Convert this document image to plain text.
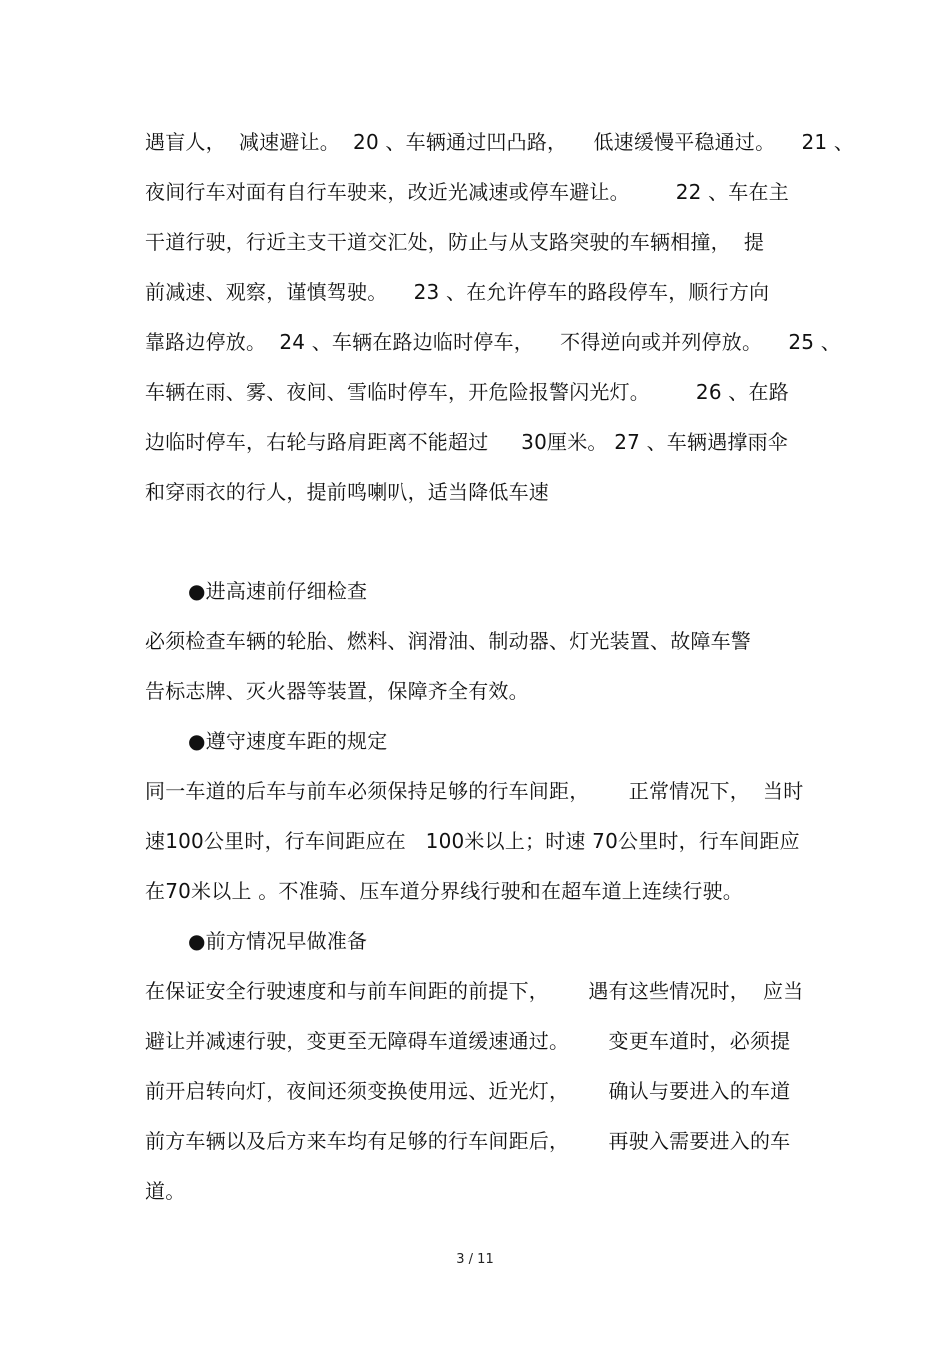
遇盲人，  减速避让。  20 、车辆通过凹凸路，    低速缓慢平稳通过。    21 、
夜间行车对面有自行车驶来，改近光减速或停车避让。       22 、车在主
干道行驶，行近主支干道交汇处，防止与从支路突驶的车辆相撞，  提
前减速、观察，谨慎驾驶。    23 、在允许停车的路段停车，顺行方向
靠路边停放。  24 、车辆在路边临时停车，    不得逆向或并列停放。    25 、
车辆在雨、雾、夜间、雪临时停车，开危险报警闪光灯。       26 、在路
边临时停车，右轮与路肩距离不能超过     30厘米。 27 、车辆遇撑雨伞
和穿雨衣的行人，提前鸣喇叭，适当降低车速
●进高速前仔细检查
必须检查车辆的轮胎、燃料、润滑油、制动器、灯光装置、故障车警
告标志牌、灭火器等装置，保障齐全有效。
●遵守速度车距的规定
同一车道的后车与前车必须保持足够的行车间距，      正常情况下，  当时
速100公里时，行车间距应在   100米以上；时速 70公里时，行车间距应
在70米以上 。不准骑、压车道分界线行驶和在超车道上连续行驶。
●前方情况早做准备
在保证安全行驶速度和与前车间距的前提下，      遇有这些情况时，  应当
避让并减速行驶，变更至无障碍车道缓速通过。      变更车道时，必须提
前开启转向灯，夜间还须变换使用远、近光灯，      确认与要进入的车道
前方车辆以及后方来车均有足够的行车间距后，      再驶入需要进入的车
道。
3 / 11
